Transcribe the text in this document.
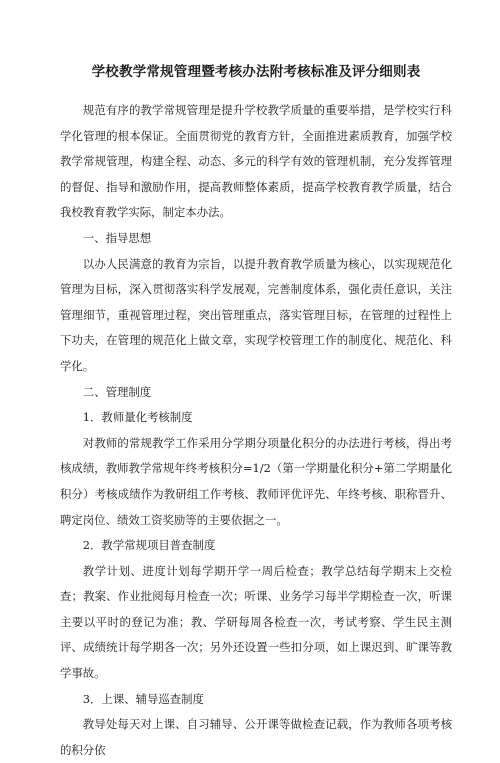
学校教学常规管理暨考核办法附考核标准及评分细则表

规范有序的教学常规管理是提升学校教学质量的重要举措，是学校实行科学化管理的根本保证。全面贯彻党的教育方针，全面推进素质教育，加强学校教学常规管理，构建全程、动态、多元的科学有效的管理机制，充分发挥管理的督促、指导和激励作用，提高教师整体素质，提高学校教育教学质量，结合我校教育教学实际，制定本办法。

一、指导思想

以办人民满意的教育为宗旨，以提升教育教学质量为核心，以实现规范化管理为目标，深入贯彻落实科学发展观，完善制度体系，强化责任意识，关注管理细节，重视管理过程，突出管理重点，落实管理目标，在管理的过程性上下功夫，在管理的规范化上做文章，实现学校管理工作的制度化、规范化、科学化。

二、管理制度

1．教师量化考核制度

对教师的常规教学工作采用分学期分项量化积分的办法进行考核，得出考核成绩，教师教学常规年终考核积分=1/2（第一学期量化积分+第二学期量化积分）考核成绩作为教研组工作考核、教师评优评先、年终考核、职称晋升、聘定岗位、绩效工资奖励等的主要依据之一。

2．教学常规项目普查制度

教学计划、进度计划每学期开学一周后检查；教学总结每学期末上交检查；教案、作业批阅每月检查一次；听课、业务学习每半学期检查一次，听课主要以平时的登记为准；教、学研每周各检查一次，考试考察、学生民主测评、成绩统计每学期各一次；另外还设置一些扣分项，如上课迟到、旷课等教学事故。

3．上课、辅导巡查制度

教导处每天对上课、自习辅导、公开课等做检查记载，作为教师各项考核的积分依
